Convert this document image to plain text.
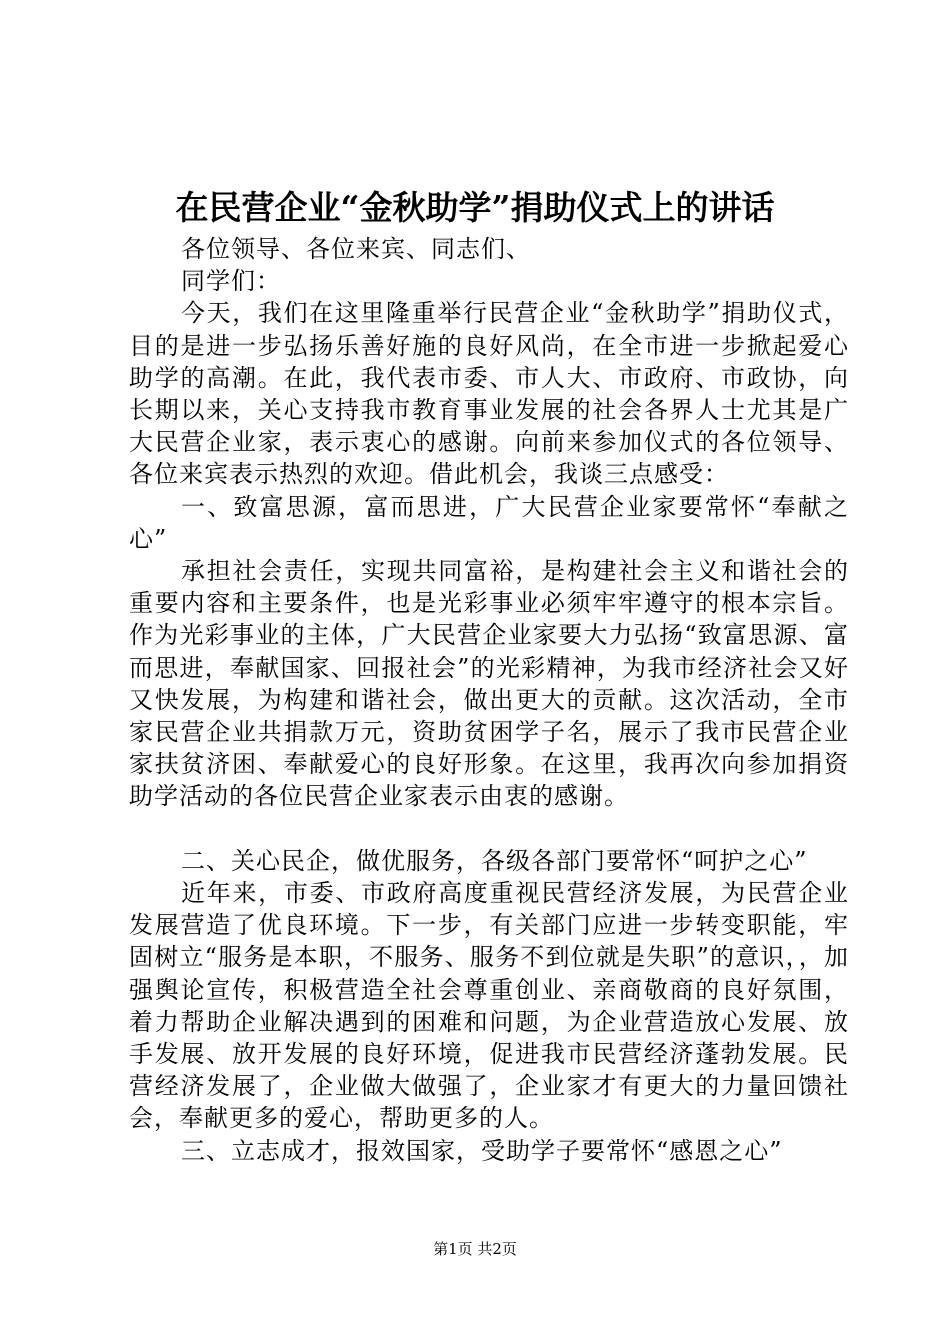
在民营企业“金秋助学”捐助仪式上的讲话

各位领导、各位来宾、同志们、

同学们：

今天，我们在这里隆重举行民营企业“金秋助学”捐助仪式，目的是进一步弘扬乐善好施的良好风尚，在全市进一步掀起爱心助学的高潮。在此，我代表市委、市人大、市政府、市政协，向长期以来，关心支持我市教育事业发展的社会各界人士尤其是广大民营企业家，表示衷心的感谢。向前来参加仪式的各位领导、各位来宾表示热烈的欢迎。借此机会，我谈三点感受：

一、致富思源，富而思进，广大民营企业家要常怀“奉献之心”

承担社会责任，实现共同富裕，是构建社会主义和谐社会的重要内容和主要条件，也是光彩事业必须牢牢遵守的根本宗旨。作为光彩事业的主体，广大民营企业家要大力弘扬“致富思源、富而思进，奉献国家、回报社会”的光彩精神，为我市经济社会又好又快发展，为构建和谐社会，做出更大的贡献。这次活动，全市家民营企业共捐款万元，资助贫困学子名，展示了我市民营企业家扶贫济困、奉献爱心的良好形象。在这里，我再次向参加捐资助学活动的各位民营企业家表示由衷的感谢。

二、关心民企，做优服务，各级各部门要常怀“呵护之心”

近年来，市委、市政府高度重视民营经济发展，为民营企业发展营造了优良环境。下一步，有关部门应进一步转变职能，牢固树立“服务是本职，不服务、服务不到位就是失职”的意识，，加强舆论宣传，积极营造全社会尊重创业、亲商敬商的良好氛围，着力帮助企业解决遇到的困难和问题，为企业营造放心发展、放手发展、放开发展的良好环境，促进我市民营经济蓬勃发展。民营经济发展了，企业做大做强了，企业家才有更大的力量回馈社会，奉献更多的爱心，帮助更多的人。

三、立志成才，报效国家，受助学子要常怀“感恩之心”

第1页 共2页
